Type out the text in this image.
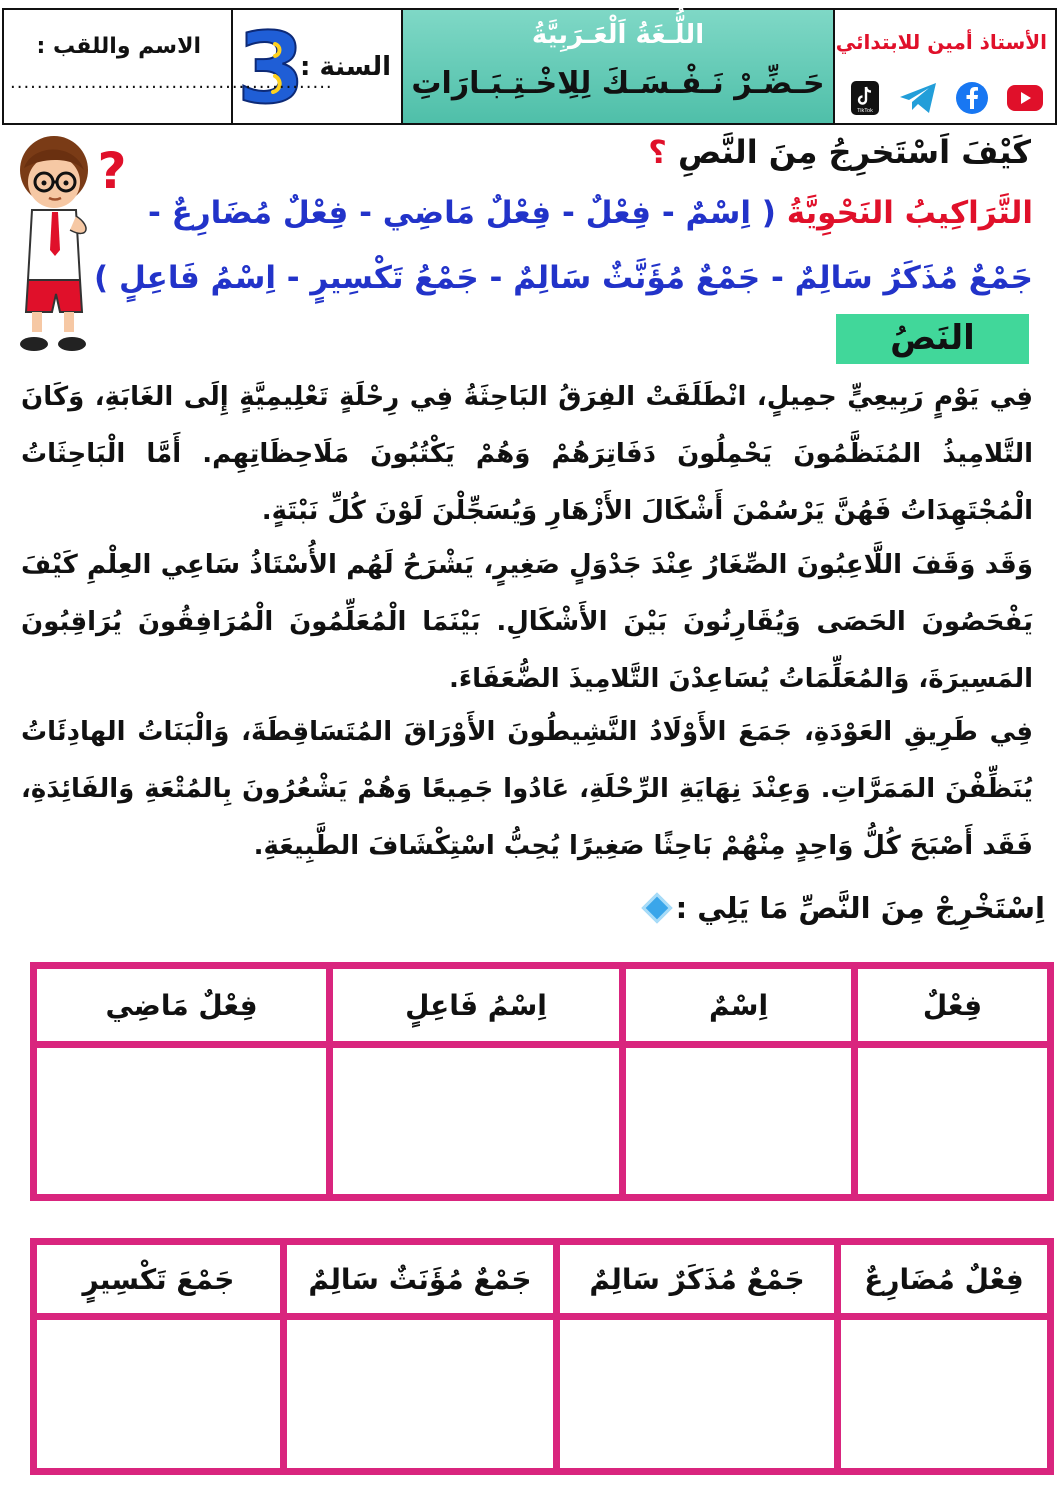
الأستاذ أمين للابتدائي
TikTok
اللُّـغَةُ اَلْعَـرَبِيَّةُ
حَـضِّـرْ نَـفْـسَـكَ لِلِاخْـتِـبَـارَاتِ
السنة :
3
الاسم واللقب :
................................................
?	كَيْفَ اَسْتَخرِجُ مِنَ النَّصِ ؟
التَّرَاكِيبُ النَحْوِيَّةُ ( اِسْمٌ - فِعْلٌ - فِعْلٌ مَاضِي - فِعْلٌ مُضَارِعٌ -
جَمْعٌ مُذَكَرُ سَالِمٌ - جَمْعٌ مُؤَنَّثٌ سَالِمٌ - جَمْعُ تَكْسِيرٍ - اِسْمُ فَاعِلٍ )
النَصُ
فِي يَوْمٍ رَبِيعِيٍّ جمِيلٍ، انْطَلَقَتْ الفِرَقُ البَاحِثَةُ فِي رِحْلَةٍ تَعْلِيمِيَّةٍ إِلَى الغَابَةِ، وَكَانَ التَّلامِيذُ المُنَظَّمُونَ يَحْمِلُونَ دَفَاتِرَهُمْ وَهُمْ يَكْتُبُونَ مَلَاحِظَاتِهِم. أَمَّا الْبَاحِثَاتُ الْمُجْتَهِدَاتُ فَهُنَّ يَرْسُمْنَ أَشْكَالَ الأَزْهَارِ وَيُسَجِّلْنَ لَوْنَ كُلِّ نَبْتَةٍ.
وَقَد وَقَفَ اللَّاعِبُونَ الصِّغَارُ عِنْدَ جَدْوَلٍ صَغِيرٍ، يَشْرَحُ لَهُم الأُسْتَاذُ سَاعِي العِلْمِ كَيْفَ يَفْحَصُونَ الحَصَى وَيُقَارِنُونَ بَيْنَ الأَشْكَالِ. بَيْنَمَا الْمُعَلِّمُونَ الْمُرَافِقُونَ يُرَاقِبُونَ المَسِيرَةَ، وَالمُعَلِّمَاتُ يُسَاعِدْنَ التَّلامِيذَ الضُّعَفَاءَ.
فِي طَرِيقِ العَوْدَةِ، جَمَعَ الأَوْلَادُ النَّشِيطُونَ الأَوْرَاقَ المُتَسَاقِطَةَ، وَالْبَنَاتُ الهادِئَاتُ يُنَظِّفْنَ المَمَرَّاتِ. وَعِنْدَ نِهَايَةِ الرِّحْلَةِ، عَادُوا جَمِيعًا وَهُمْ يَشْعُرُونَ بِالمُتْعَةِ وَالفَائِدَةِ، فَقَد أَصْبَحَ كُلُّ وَاحِدٍ مِنْهُمْ بَاحِثًا صَغِيرًا يُحِبُّ اسْتِكْشَافَ الطَّبِيعَةِ.
اِسْتَخْرِجْ مِنَ النَّصِّ مَا يَلِي :
فِعْلٌ	اِسْمٌ	اِسْمُ فَاعِلٍ	فِعْلٌ مَاضِي

فِعْلٌ مُضَارِعٌ	جَمْعٌ مُذَكَرٌ سَالِمٌ	جَمْعٌ مُؤَنَثٌ سَالِمٌ	جَمْعَ تَكْسِيرٍ
